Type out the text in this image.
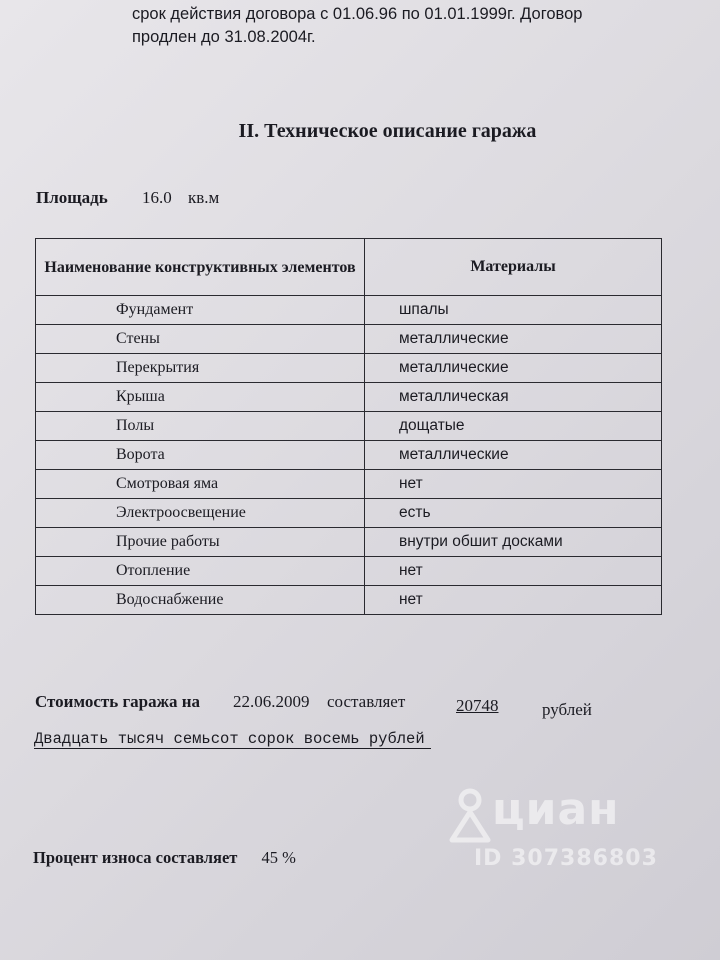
срок действия договора с 01.06.96 по 01.01.1999г. Договор
продлен до 31.08.2004г.
II. Техническое описание гаража
Площадь 16.0 кв.м
Наименование конструктивных элементов	Материалы
Фундамент	шпалы
Стены	металлические
Перекрытия	металлические
Крыша	металлическая
Полы	дощатые
Ворота	металлические
Смотровая яма	нет
Электроосвещение	есть
Прочие работы	внутри обшит досками
Отопление	нет
Водоснабжение	нет
Стоимость гаража на 22.06.2009 составляет	20748	рублей
Двадцать тысяч семьсот сорок восемь рублей
Процент износа составляет 45 %
циан
ID 307386803
